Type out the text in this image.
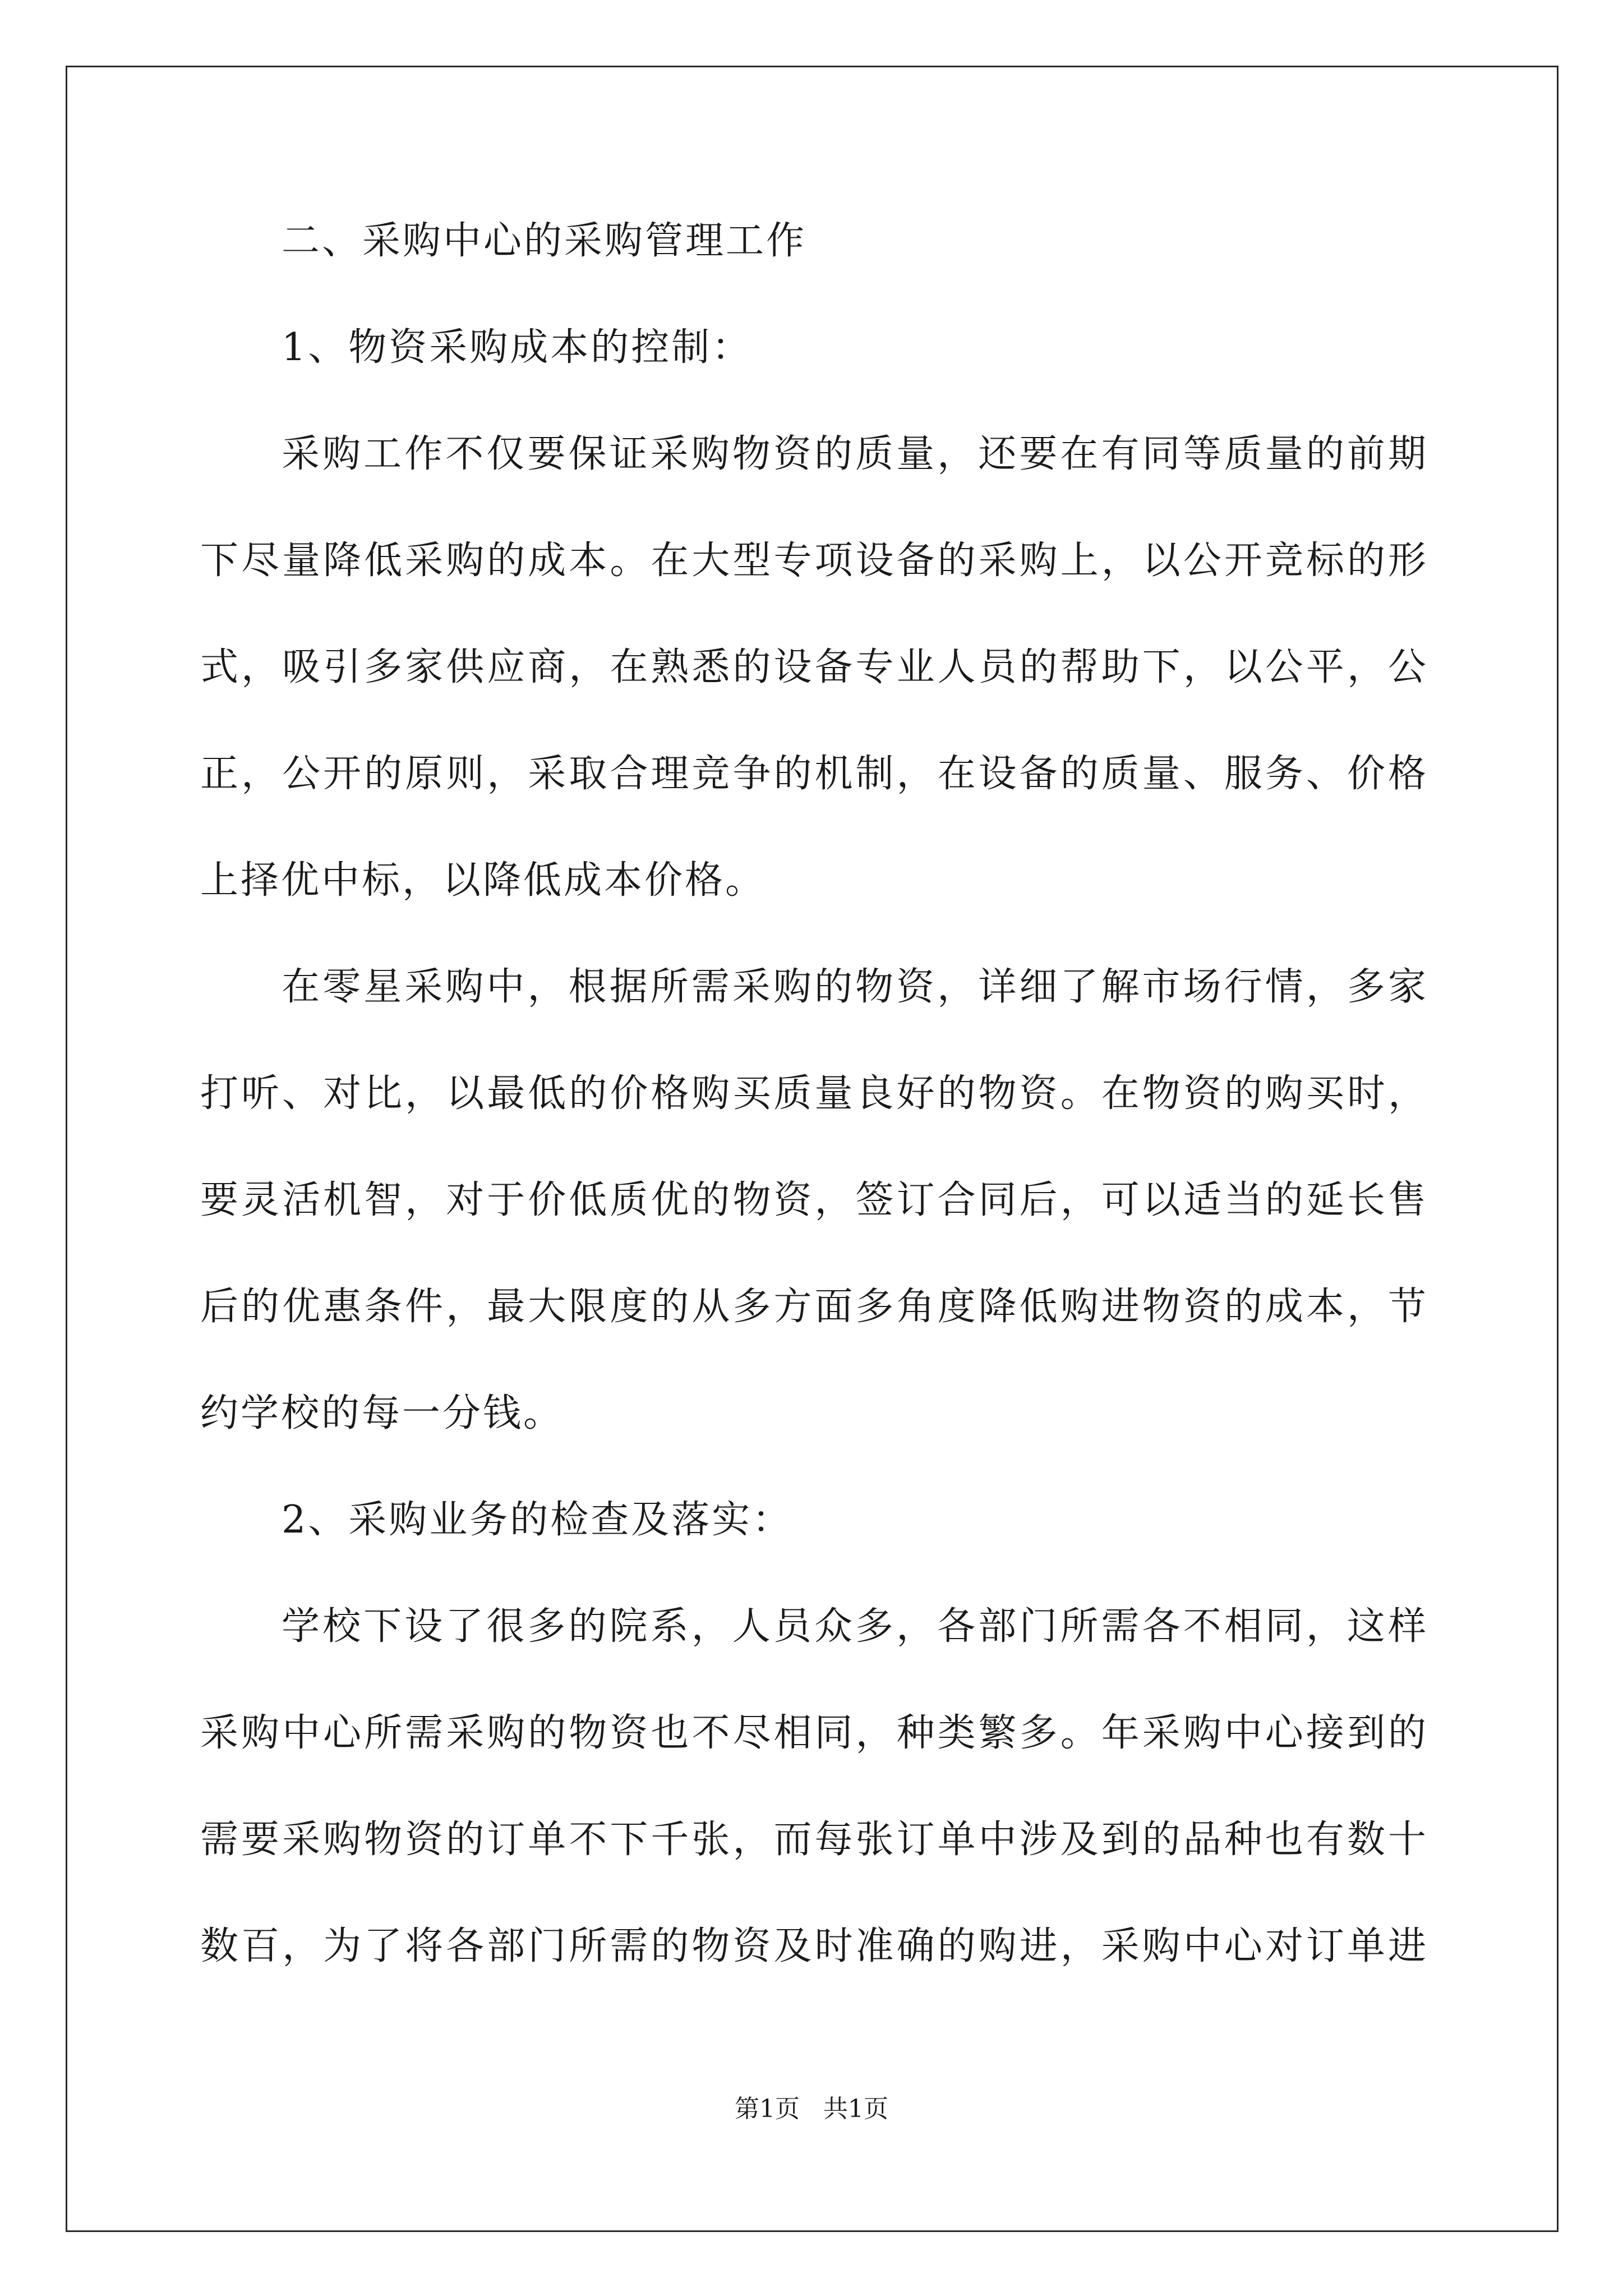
二、采购中心的采购管理工作
1、物资采购成本的控制：
采购工作不仅要保证采购物资的质量，还要在有同等质量的前期
下尽量降低采购的成本。在大型专项设备的采购上，以公开竞标的形
式，吸引多家供应商，在熟悉的设备专业人员的帮助下，以公平，公
正，公开的原则，采取合理竞争的机制，在设备的质量、服务、价格
上择优中标，以降低成本价格。
在零星采购中，根据所需采购的物资，详细了解市场行情，多家
打听、对比，以最低的价格购买质量良好的物资。在物资的购买时，
要灵活机智，对于价低质优的物资，签订合同后，可以适当的延长售
后的优惠条件，最大限度的从多方面多角度降低购进物资的成本，节
约学校的每一分钱。
2、采购业务的检查及落实：
学校下设了很多的院系，人员众多，各部门所需各不相同，这样
采购中心所需采购的物资也不尽相同，种类繁多。年采购中心接到的
需要采购物资的订单不下千张，而每张订单中涉及到的品种也有数十
数百，为了将各部门所需的物资及时准确的购进，采购中心对订单进
第1页   共1页
